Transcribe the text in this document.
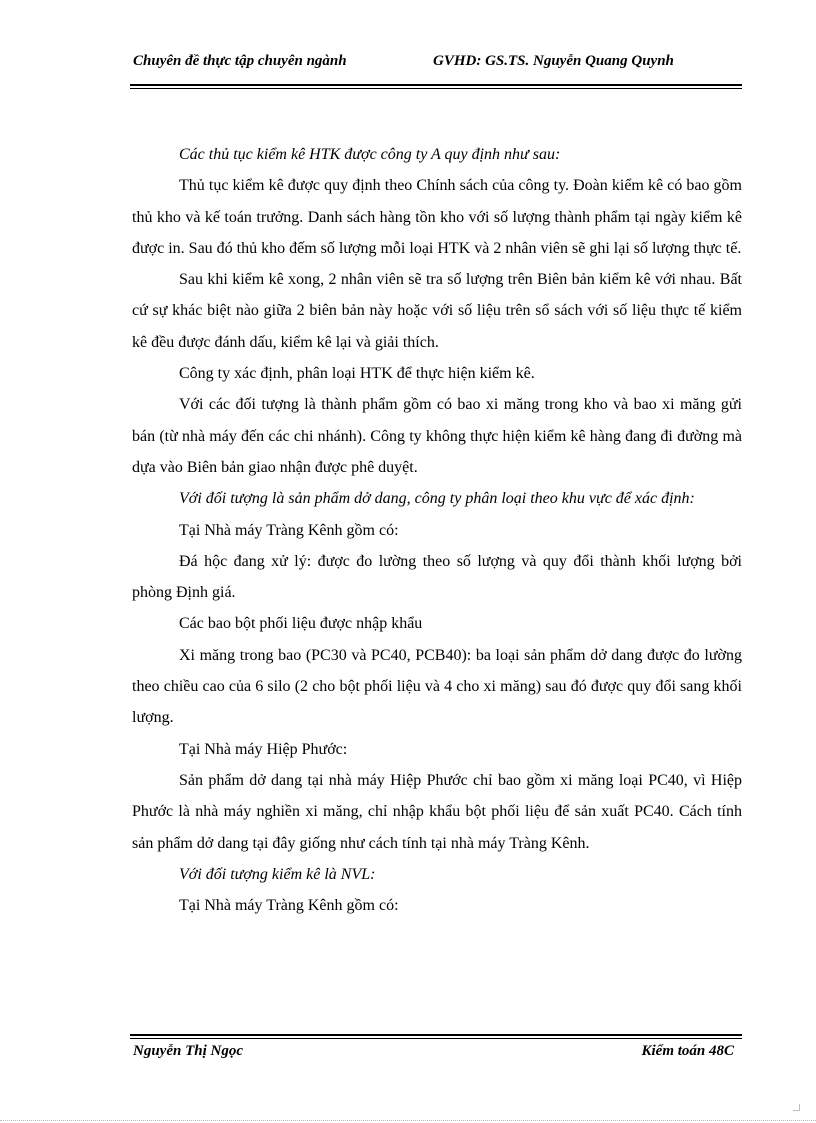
Chuyên đề thực tập chuyên ngành	GVHD: GS.TS. Nguyễn Quang Quynh

Các thủ tục kiểm kê HTK được công ty A quy định như sau:

Thủ tục kiểm kê được quy định theo Chính sách của công ty. Đoàn kiểm kê có bao gồm thủ kho và kế toán trưởng. Danh sách hàng tồn kho với số lượng thành phẩm tại ngày kiểm kê được in. Sau đó thủ kho đếm số lượng mỗi loại HTK và 2 nhân viên sẽ ghi lại số lượng thực tế.

Sau khi kiểm kê xong, 2 nhân viên sẽ tra số lượng trên Biên bản kiểm kê với nhau. Bất cứ sự khác biệt nào giữa 2 biên bản này hoặc với số liệu trên sổ sách với số liệu thực tế kiểm kê đều được đánh dấu, kiểm kê lại và giải thích.

Công ty xác định, phân loại HTK để thực hiện kiểm kê.

Với các đối tượng là thành phẩm gồm có bao xi măng trong kho và bao xi măng gửi bán (từ nhà máy đến các chi nhánh). Công ty không thực hiện kiểm kê hàng đang đi đường mà dựa vào Biên bản giao nhận được phê duyệt.

Với đối tượng là sản phẩm dở dang, công ty phân loại theo khu vực để xác định:

Tại Nhà máy Tràng Kênh gồm có:

Đá hộc đang xử lý: được đo lường theo số lượng và quy đổi thành khối lượng bởi phòng Định giá.

Các bao bột phối liệu được nhập khẩu

Xi măng trong bao (PC30 và PC40, PCB40): ba loại sản phẩm dở dang được đo lường theo chiều cao của 6 silo (2 cho bột phối liệu và 4 cho xi măng) sau đó được quy đổi sang khối lượng.

Tại Nhà máy Hiệp Phước:

Sản phẩm dở dang tại nhà máy Hiệp Phước chỉ bao gồm xi măng loại PC40, vì Hiệp Phước là nhà máy nghiền xi măng, chỉ nhập khẩu bột phối liệu để sản xuất PC40. Cách tính sản phẩm dở dang tại đây giống như cách tính tại nhà máy Tràng Kênh.

Với đối tượng kiểm kê là NVL:

Tại Nhà máy Tràng Kênh gồm có:

Nguyễn Thị Ngọc	Kiểm toán 48C
